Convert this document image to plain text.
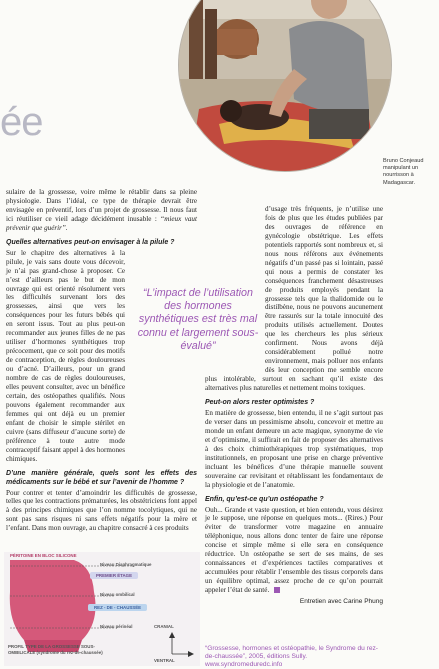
ée
Bruno Conjeaud manipulant un nourrisson à Madagascar.

sulaire de la grossesse, voire même le rétablir dans sa pleine physiologie. Dans l’idéal, ce type de thérapie devrait être envisagée en préventif, lors d’un projet de grossesse. Il nous faut ici réutiliser ce vieil adage décidément inusable : “mieux vaut prévenir que guérir”.

Quelles alternatives peut-on envisager à la pilule ?

Sur le chapitre des alternatives à la pilule, je vais sans doute vous décevoir, je n’ai pas grand-chose à proposer. Ce n’est d’ailleurs pas le but de mon ouvrage qui est orienté résolument vers les difficultés survenant lors des grossesses, ainsi que vers les conséquences pour les futurs bébés qui en seront issus. Tout au plus peut-on recommander aux jeunes filles de ne pas utiliser d’hormones synthétiques trop précocement, que ce soit pour des motifs de contraception, de règles douloureuses ou d’acné. D’ailleurs, pour un grand nombre de cas de règles douloureuses, elles peuvent consulter, avec un bénéfice certain, des ostéopathes qualifiés. Nous pouvons également recommander aux femmes qui ont déjà eu un premier enfant de choisir le simple stérilet en cuivre (sans diffuseur d’aucune sorte) de préférence à toute autre mode contraceptif faisant appel à des hormones chimiques.

D’une manière générale, quels sont les effets des médicaments sur le bébé et sur l’avenir de l’homme ?

Pour contrer et tenter d’amoindrir les difficultés de grossesse, telles que les contractions prématurées, les obstétriciens font appel à des principes chimiques que l’on nomme tocolytiques, qui ne sont pas sans risques ni sans effets négatifs pour la mère et l’enfant. Dans mon ouvrage, au chapitre consacré à ces produits

d’usage très fréquents, je n’utilise une fois de plus que les études publiées par des ouvrages de référence en gynécologie obstétrique. Les effets potentiels rapportés sont nombreux et, si nous nous référons aux événements négatifs d’un passé pas si lointain, passé qui nous a permis de constater les conséquences franchement désastreuses de produits employés pendant la grossesse tels que la thalidomide ou le distilbène, nous ne pouvons aucunement être rassurés sur la totale innocuité des produits utilisés actuellement. Doutes que les chercheurs les plus sérieux confirment. Nous avons déjà considérablement pollué notre environnement, mais polluer nos enfants dès leur conception me semble encore plus intolérable, surtout en sachant qu’il existe des alternatives plus naturelles et nettement moins toxiques.

Peut-on alors rester optimistes ?

En matière de grossesse, bien entendu, il ne s’agit surtout pas de verser dans un pessimisme absolu, concevoir et mettre au monde un enfant demeure un acte magique, synonyme de vie et d’optimisme, il suffirait en fait de proposer des alternatives à des choix chimiothérapiques trop systématiques, trop institutionnels, en proposant une prise en charge préventive incluant les bénéfices d’une thérapie manuelle souvent souveraine car revisitant et rétablissant les fondamentaux de la physiologie et de l’anatomie.

Enfin, qu’est-ce qu’un ostéopathe ?

Ouh... Grande et vaste question, et bien entendu, vous désirez je le suppose, une réponse en quelques mots... (Rires.) Pour éviter de transformer votre magazine en annuaire téléphonique, nous allons donc tenter de faire une réponse concise et simple même si elle sera en conséquence réductrice. Un ostéopathe se sert de ses mains, de ses connaissances et d’expériences tactiles comparatives et accumulées pour rétablir l’ensemble des tissus corporels dans un équilibre optimal, assez proche de ce qu’on pourrait appeler l’état de santé.

Entretien avec Carine Phung
“L’impact de l’utilisation des hormones synthétiques est très mal connu et largement sous-évalué”
PÉRITOINE EN BLOC SILICONE
Niveau Diaphragmatique
PREMIER ÉTAGE
Niveau ombilical
REZ - DE - CHAUSSÉE
Niveau périnéal
PROFIL TYPE DE LA GROSSESSE SOUS-OMBILICALE (syndrome du rez-de-chaussée)
CRANIAL
VENTRAL
“Grossesse, hormones et ostéopathie, le Syndrome du rez-de-chaussée”, 2005, éditions Sully. www.syndromeduredc.info
